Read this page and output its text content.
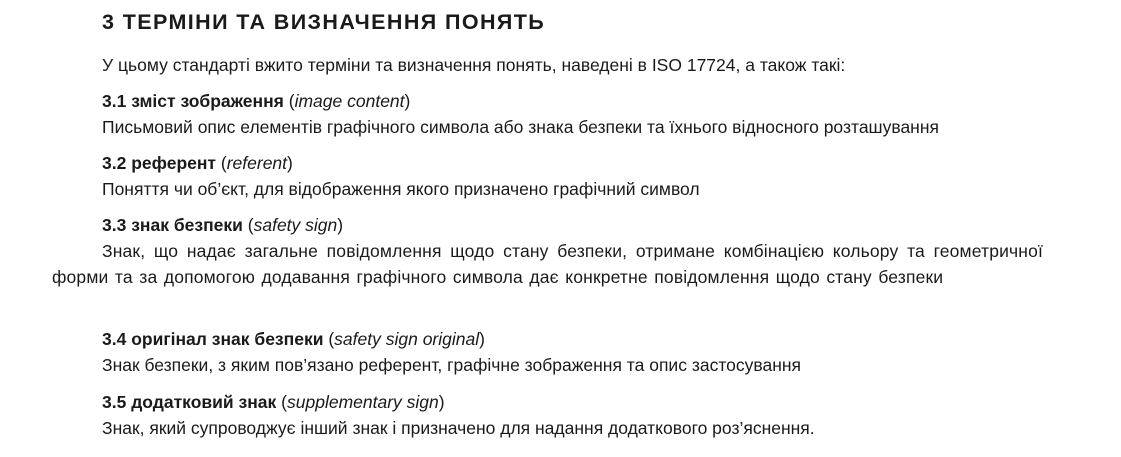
3 ТЕРМІНИ ТА ВИЗНАЧЕННЯ ПОНЯТЬ

У цьому стандарті вжито терміни та визначення понять, наведені в ISO 17724, а також такі:

3.1 зміст зображення (image content)

Письмовий опис елементів графічного символа або знака безпеки та їхнього відносного розташування

3.2 референт (referent)

Поняття чи об’єкт, для відображення якого призначено графічний символ

3.3 знак безпеки (safety sign)

Знак, що надає загальне повідомлення щодо стану безпеки, отримане комбінацією кольору та геометричної форми та за допомогою додавання графічного символа дає конкретне повідомлення щодо стану безпеки

3.4 оригінал знак безпеки (safety sign original)

Знак безпеки, з яким пов’язано референт, графічне зображення та опис застосування

3.5 додатковий знак (supplementary sign)

Знак, який супроводжує інший знак і призначено для надання додаткового роз’яснення.
